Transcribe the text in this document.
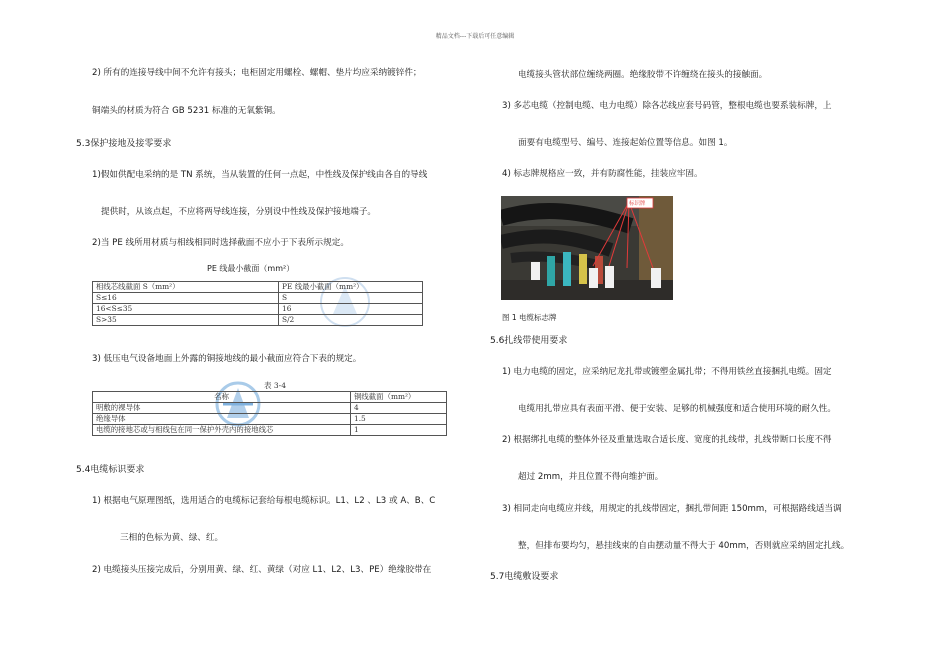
精品文档---下载后可任意编辑
2) 所有的连接导线中间不允许有接头；电柜固定用螺栓、螺帽、垫片均应采纳镀锌件；
铜端头的材质为符合 GB 5231 标准的无氧紫铜。
5.3保护接地及接零要求
1)假如供配电采纳的是 TN 系统，当从装置的任何一点起，中性线及保护线由各自的导线
提供时，从该点起，不应将两导线连接，分别设中性线及保护接地端子。
2)当 PE 线所用材质与相线相同时选择截面不应小于下表所示规定。
PE 线最小截面（mm²）
相线芯线截面 S（mm²）	PE 线最小截面（mm²）
S≤16	S
16<S≤35	16
S>35	S/2
3) 低压电气设备地面上外露的铜接地线的最小截面应符合下表的规定。
表 3-4
名称	铜线截面（mm²）
明敷的裸导体	4
绝缘导体	1.5
电缆的接地芯或与相线包在同一保护外壳内的接地线芯	1
5.4电缆标识要求
1) 根据电气原理图纸，选用适合的电缆标记套给每根电缆标识。L1、L2 、L3 或 A、B、C
三相的色标为黄、绿、红。
2) 电缆接头压接完成后，分别用黄、绿、红、黄绿（对应 L1、L2、L3、PE）绝缘胶带在
电缆接头管状部位缠绕两圈。绝缘胶带不许缠绕在接头的接触面。
3) 多芯电缆（控制电缆、电力电缆）除各芯线应套号码管，整根电缆也要系装标牌，上
面要有电缆型号、编号、连接起始位置等信息。如图 1。
4) 标志牌规格应一致，并有防腐性能，挂装应牢固。
标识牌
图 1 电缆标志牌
5.6扎线带使用要求
1) 电力电缆的固定，应采纳尼龙扎带或镀塑金属扎带；不得用铁丝直接捆扎电缆。固定
电缆用扎带应具有表面平滑、便于安装、足够的机械强度和适合使用环境的耐久性。
2) 根据绑扎电缆的整体外径及重量选取合适长度、宽度的扎线带，扎线带断口长度不得
超过 2mm，并且位置不得向维护面。
3) 相同走向电缆应并线，用规定的扎线带固定，捆扎带间距 150mm，可根据路线适当调
整，但排布要均匀，悬挂线束的自由摆动量不得大于 40mm，否则就应采纳固定扎线。
5.7电缆敷设要求
